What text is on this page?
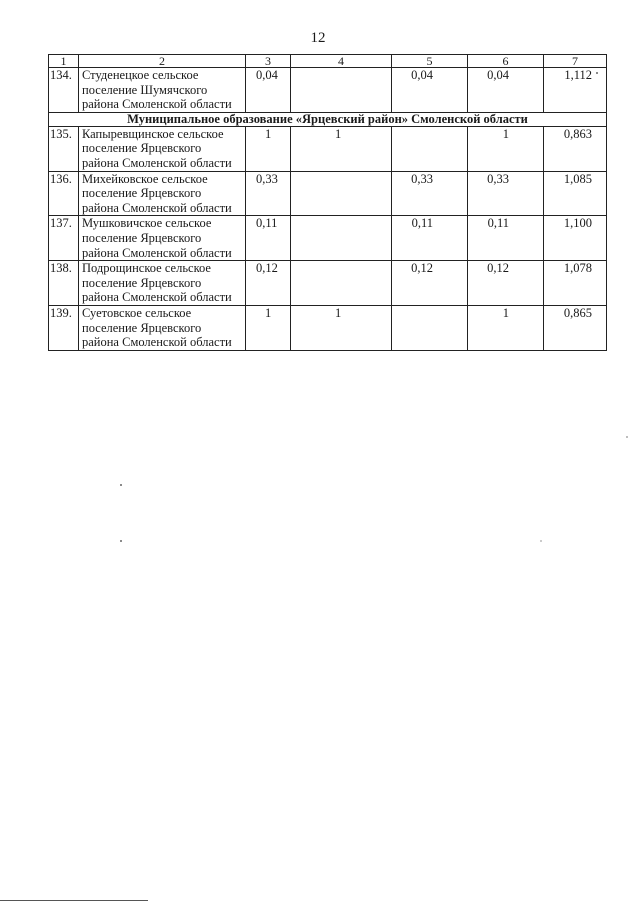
12
1	2	3	4	5	6	7
134.	Студенецкое сельское
поселение Шумячского
района Смоленской области	0,04		0,04	0,04	1,112
Муниципальное образование «Ярцевский район» Смоленской области						
135.	Капыревщинское сельское
поселение Ярцевского
района Смоленской области	1	1		1	0,863
136.	Михейковское сельское
поселение Ярцевского
района Смоленской области	0,33		0,33	0,33	1,085
137.	Мушковичское сельское
поселение Ярцевского
района Смоленской области	0,11		0,11	0,11	1,100
138.	Подрощинское сельское
поселение Ярцевского
района Смоленской области	0,12		0,12	0,12	1,078
139.	Суетовское сельское
поселение Ярцевского
района Смоленской области	1	1		1	0,865
